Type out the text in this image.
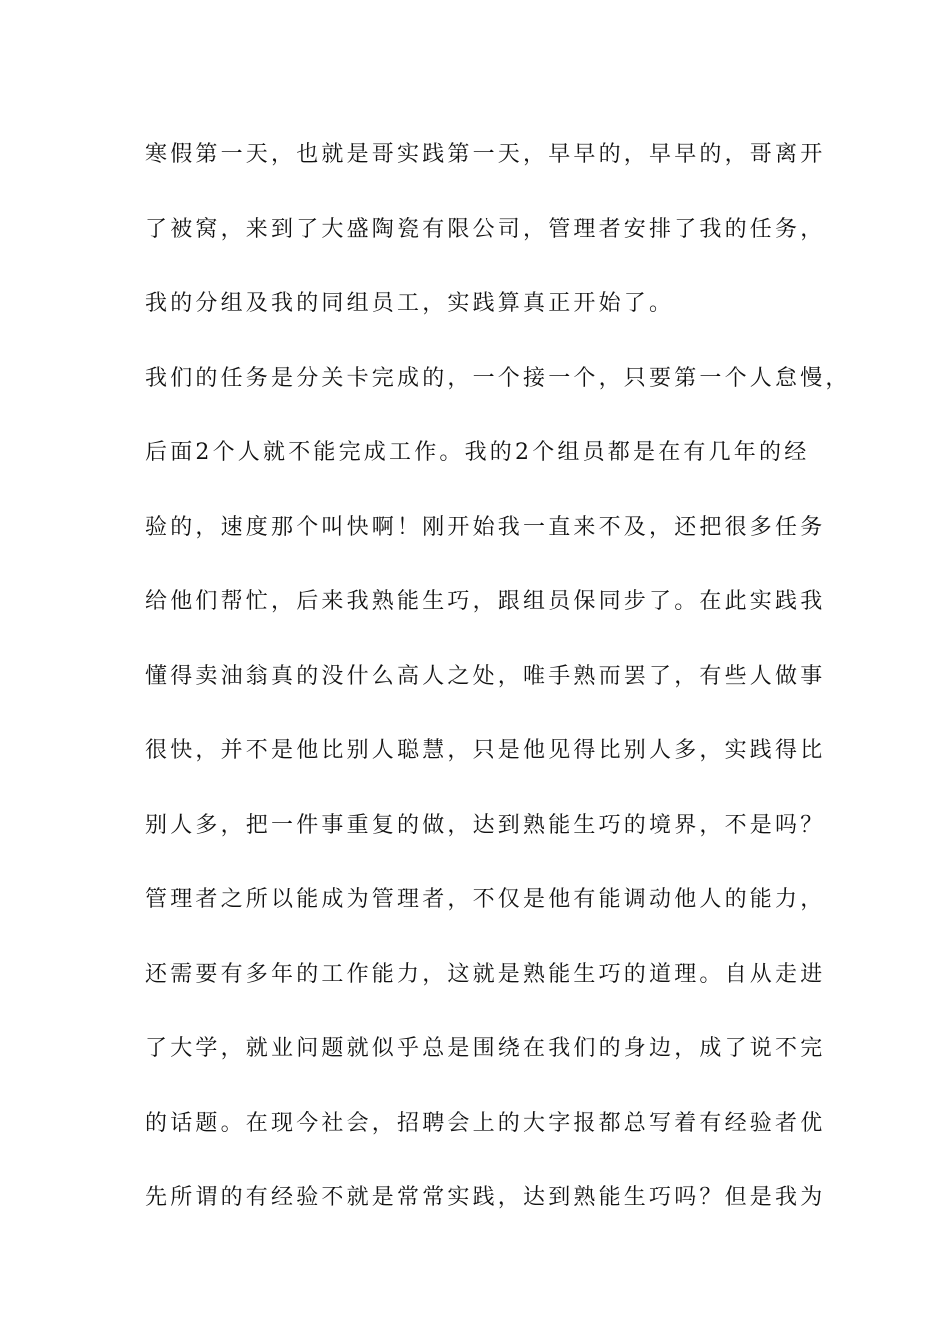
寒假第一天，也就是哥实践第一天，早早的，早早的，哥离开
了被窝，来到了大盛陶瓷有限公司，管理者安排了我的任务，
我的分组及我的同组员工，实践算真正开始了。
我们的任务是分关卡完成的，一个接一个，只要第一个人怠慢，
后面2个人就不能完成工作。我的2个组员都是在有几年的经
验的，速度那个叫快啊！刚开始我一直来不及，还把很多任务
给他们帮忙，后来我熟能生巧，跟组员保同步了。在此实践我
懂得卖油翁真的没什么高人之处，唯手熟而罢了，有些人做事
很快，并不是他比别人聪慧，只是他见得比别人多，实践得比
别人多，把一件事重复的做，达到熟能生巧的境界，不是吗？
管理者之所以能成为管理者，不仅是他有能调动他人的能力，
还需要有多年的工作能力，这就是熟能生巧的道理。自从走进
了大学，就业问题就似乎总是围绕在我们的身边，成了说不完
的话题。在现今社会，招聘会上的大字报都总写着有经验者优
先所谓的有经验不就是常常实践，达到熟能生巧吗？但是我为
